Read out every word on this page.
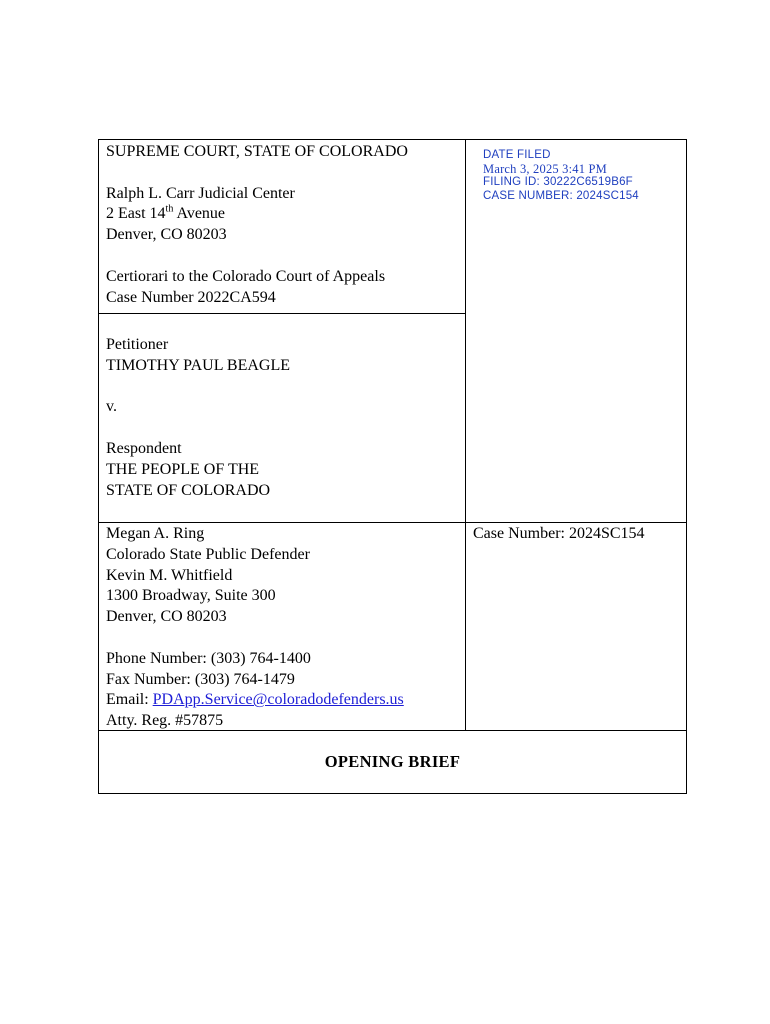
SUPREME COURT, STATE OF COLORADO
Ralph L. Carr Judicial Center
2 East 14th Avenue
Denver, CO 80203
Certiorari to the Colorado Court of Appeals
Case Number 2022CA594
DATE FILED
March 3, 2025 3:41 PM
FILING ID: 30222C6519B6F
CASE NUMBER: 2024SC154
Petitioner
TIMOTHY PAUL BEAGLE
v.
Respondent
THE PEOPLE OF THE
STATE OF COLORADO
Megan A. Ring
Colorado State Public Defender
Kevin M. Whitfield
1300 Broadway, Suite 300
Denver, CO 80203
Phone Number: (303) 764-1400
Fax Number: (303) 764-1479
Email: PDApp.Service@coloradodefenders.us
Atty. Reg. #57875
Case Number: 2024SC154
OPENING BRIEF
